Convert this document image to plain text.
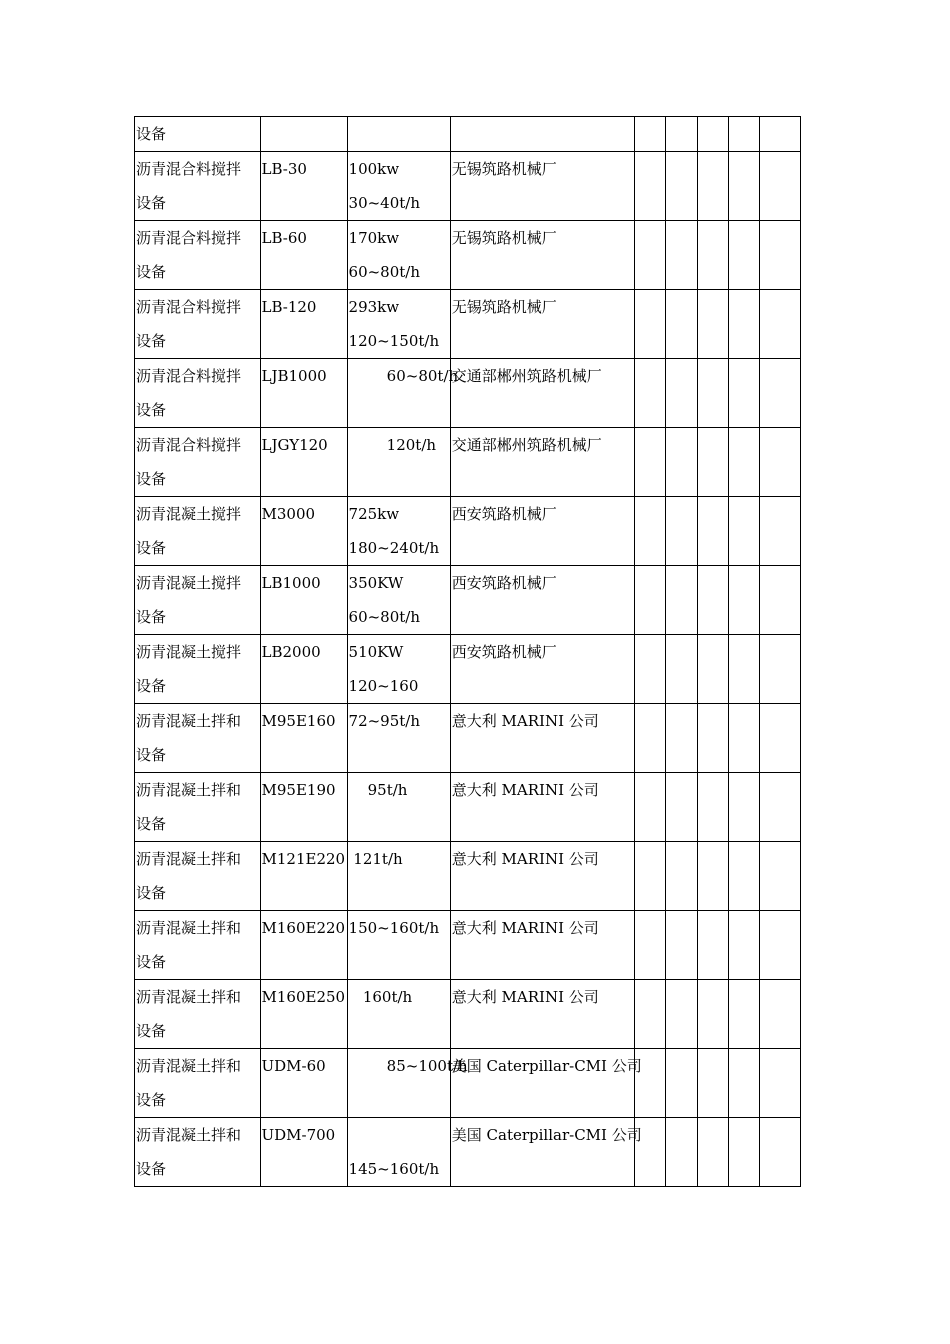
设备								

沥青混合料搅拌
设备	LB-30	100kw
30~40t/h	无锡筑路机械厂					

沥青混合料搅拌
设备	LB-60	170kw
60~80t/h	无锡筑路机械厂					

沥青混合料搅拌
设备	LB-120	293kw
120~150t/h	无锡筑路机械厂					

沥青混合料搅拌
设备	LJB1000	60~80t/h	交通部郴州筑路机械厂					

沥青混合料搅拌
设备	LJGY120	120t/h	交通部郴州筑路机械厂					

沥青混凝土搅拌
设备	M3000	725kw
180~240t/h	西安筑路机械厂					

沥青混凝土搅拌
设备	LB1000	350KW
60~80t/h	西安筑路机械厂					

沥青混凝土搅拌
设备	LB2000	510KW
120~160	西安筑路机械厂					

沥青混凝土拌和
设备	M95E160	72~95t/h	意大利 MARINI 公司					

沥青混凝土拌和
设备	M95E190	95t/h	意大利 MARINI 公司					

沥青混凝土拌和
设备	M121E220	121t/h	意大利 MARINI 公司					

沥青混凝土拌和
设备	M160E220	150~160t/h	意大利 MARINI 公司					

沥青混凝土拌和
设备	M160E250	160t/h	意大利 MARINI 公司					

沥青混凝土拌和
设备	UDM-60	85~100t/h	美国 Caterpillar-CMI 公司					

沥青混凝土拌和
设备	UDM-700	145~160t/h	美国 Caterpillar-CMI 公司					
